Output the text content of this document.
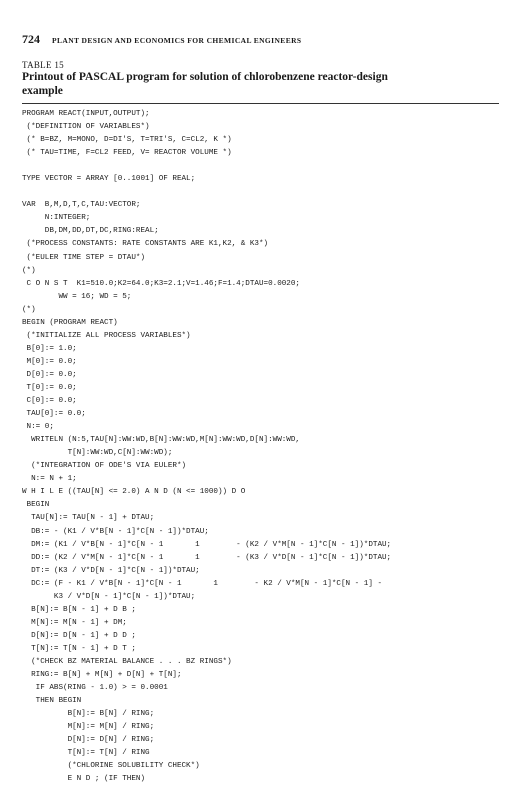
724 PLANT DESIGN AND ECONOMICS FOR CHEMICAL ENGINEERS
TABLE 15
Printout of PASCAL program for solution of chlorobenzene reactor-design example
PROGRAM REACT(INPUT,OUTPUT);
(*DEFINITION OF VARIABLES*)
(* B=BZ, M=MONO, D=DI'S, T=TRI'S, C=CL2, K *)
(* TAU=TIME, F=CL2 FEED, V= REACTOR VOLUME *)
TYPE VECTOR = ARRAY [0..1001] OF REAL;
VAR  B,M,D,T,C,TAU:VECTOR;
N:INTEGER;
DB,DM,DD,DT,DC,RING:REAL;
(*PROCESS CONSTANTS: RATE CONSTANTS ARE K1,K2, & K3*)
(*EULER TIME STEP = DTAU*)
(*)
C O N S T  K1=510.0;K2=64.0;K3=2.1;V=1.46;F=1.4;DTAU=0.0020;
WW = 16; WD = 5;
(*)
BEGIN (PROGRAM REACT)
(*INITIALIZE ALL PROCESS VARIABLES*)
B[0]:= 1.0;
M[0]:= 0.0;
D[0]:= 0.0;
T[0]:= 0.0;
C[0]:= 0.0;
TAU[0]:= 0.0;
N:= 0;
WRITELN (N:5,TAU[N]:WW:WD,B[N]:WW:WD,M[N]:WW:WD,D[N]:WW:WD,
T[N]:WW:WD,C[N]:WW:WD);
(*INTEGRATION OF ODE'S VIA EULER*)
N:= N + 1;
W H I L E ((TAU[N] <= 2.0) A N D (N <= 1000)) D O
BEGIN
TAU[N]:= TAU[N - 1] + DTAU;
DB:= - (K1 / V*B[N - 1]*C[N - 1])*DTAU;
DM:= (K1 / V*B[N - 1]*C[N - 1       1        - (K2 / V*M[N - 1]*C[N - 1])*DTAU;
DD:= (K2 / V*M[N - 1]*C[N - 1       1        - (K3 / V*D[N - 1]*C[N - 1])*DTAU;
DT:= (K3 / V*D[N - 1]*C[N - 1])*DTAU;
DC:= (F - K1 / V*B[N - 1]*C[N - 1       1        - K2 / V*M[N - 1]*C[N - 1] -
K3 / V*D[N - 1]*C[N - 1])*DTAU;
B[N]:= B[N - 1] + D B ;
M[N]:= M[N - 1] + DM;
D[N]:= D[N - 1] + D D ;
T[N]:= T[N - 1] + D T ;
(*CHECK BZ MATERIAL BALANCE . . . BZ RINGS*)
RING:= B[N] + M[N] + D[N] + T[N];
IF ABS(RING - 1.0) > = 0.0001
THEN BEGIN
B[N]:= B[N] / RING;
M[N]:= M[N] / RING;
D[N]:= D[N] / RING;
T[N]:= T[N] / RING
(*CHLORINE SOLUBILITY CHECK*)
E N D ; (IF THEN)
